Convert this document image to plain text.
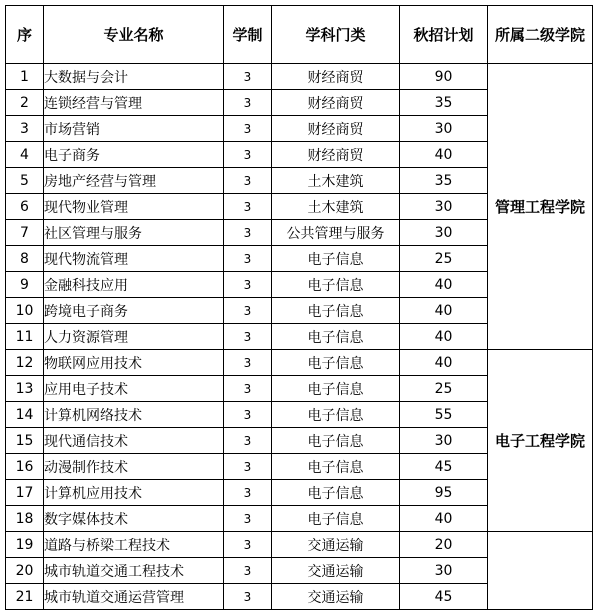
序	专业名称	学制	学科门类	秋招计划	所属二级学院
1	大数据与会计	3	财经商贸	90	管理工程学院
2	连锁经营与管理	3	财经商贸	35	
3	市场营销	3	财经商贸	30	
4	电子商务	3	财经商贸	40	
5	房地产经营与管理	3	土木建筑	35	
6	现代物业管理	3	土木建筑	30	
7	社区管理与服务	3	公共管理与服务	30	
8	现代物流管理	3	电子信息	25	
9	金融科技应用	3	电子信息	40	
10	跨境电子商务	3	电子信息	40	
11	人力资源管理	3	电子信息	40	
12	物联网应用技术	3	电子信息	40	电子工程学院
13	应用电子技术	3	电子信息	25	
14	计算机网络技术	3	电子信息	55	
15	现代通信技术	3	电子信息	30	
16	动漫制作技术	3	电子信息	45	
17	计算机应用技术	3	电子信息	95	
18	数字媒体技术	3	电子信息	40	
19	道路与桥梁工程技术	3	交通运输	20	
20	城市轨道交通工程技术	3	交通运输	30	
21	城市轨道交通运营管理	3	交通运输	45	
